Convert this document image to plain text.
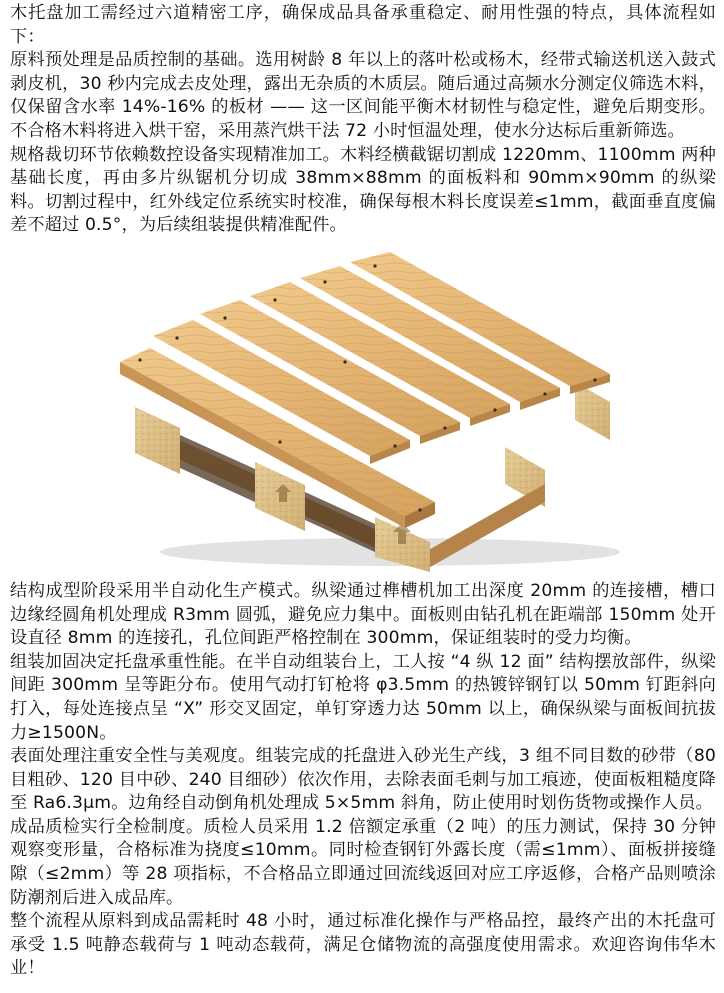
木托盘加工需经过六道精密工序，确保成品具备承重稳定、耐用性强的特点，具体流程如下：

原料预处理是品质控制的基础。选用树龄 8 年以上的落叶松或杨木，经带式输送机送入鼓式剥皮机，30 秒内完成去皮处理，露出无杂质的木质层。随后通过高频水分测定仪筛选木料，仅保留含水率 14%-16% 的板材 —— 这一区间能平衡木材韧性与稳定性，避免后期变形。不合格木料将进入烘干窑，采用蒸汽烘干法 72 小时恒温处理，使水分达标后重新筛选。

规格裁切环节依赖数控设备实现精准加工。木料经横截锯切割成 1220mm、1100mm 两种基础长度，再由多片纵锯机分切成 38mm×88mm 的面板料和 90mm×90mm 的纵梁料。切割过程中，红外线定位系统实时校准，确保每根木料长度误差≤1mm，截面垂直度偏差不超过 0.5°，为后续组装提供精准配件。

结构成型阶段采用半自动化生产模式。纵梁通过榫槽机加工出深度 20mm 的连接槽，槽口边缘经圆角机处理成 R3mm 圆弧，避免应力集中。面板则由钻孔机在距端部 150mm 处开设直径 8mm 的连接孔，孔位间距严格控制在 300mm，保证组装时的受力均衡。

组装加固决定托盘承重性能。在半自动组装台上，工人按 “4 纵 12 面” 结构摆放部件，纵梁间距 300mm 呈等距分布。使用气动打钉枪将 φ3.5mm 的热镀锌钢钉以 50mm 钉距斜向打入，每处连接点呈 “X” 形交叉固定，单钉穿透力达 50mm 以上，确保纵梁与面板间抗拔力≥1500N。

表面处理注重安全性与美观度。组装完成的托盘进入砂光生产线，3 组不同目数的砂带（80 目粗砂、120 目中砂、240 目细砂）依次作用，去除表面毛刺与加工痕迹，使面板粗糙度降至 Ra6.3μm。边角经自动倒角机处理成 5×5mm 斜角，防止使用时划伤货物或操作人员。

成品质检实行全检制度。质检人员采用 1.2 倍额定承重（2 吨）的压力测试，保持 30 分钟观察变形量，合格标准为挠度≤10mm。同时检查钢钉外露长度（需≤1mm）、面板拼接缝隙（≤2mm）等 28 项指标，不合格品立即通过回流线返回对应工序返修，合格产品则喷涂防潮剂后进入成品库。

整个流程从原料到成品需耗时 48 小时，通过标准化操作与严格品控，最终产出的木托盘可承受 1.5 吨静态载荷与 1 吨动态载荷，满足仓储物流的高强度使用需求。欢迎咨询伟华木业！
